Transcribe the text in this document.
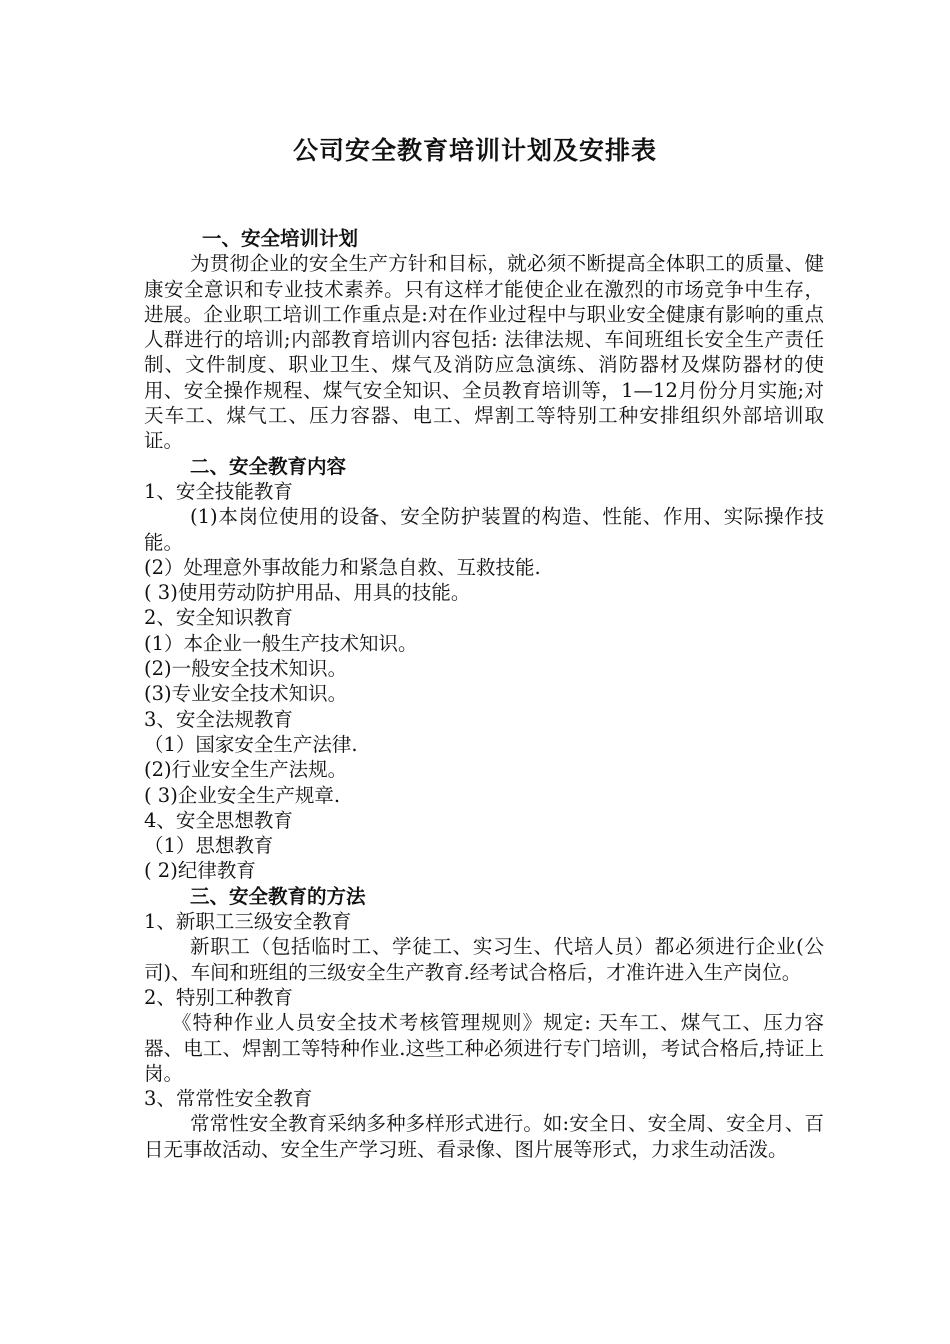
公司安全教育培训计划及安排表

一、安全培训计划

为贯彻企业的安全生产方针和目标，就必须不断提高全体职工的质量、健康安全意识和专业技术素养。只有这样才能使企业在激烈的市场竞争中生存，进展。企业职工培训工作重点是:对在作业过程中与职业安全健康有影响的重点人群进行的培训;内部教育培训内容包括: 法律法规、车间班组长安全生产责任制、文件制度、职业卫生、煤气及消防应急演练、消防器材及煤防器材的使用、安全操作规程、煤气安全知识、全员教育培训等，1—12月份分月实施;对天车工、煤气工、压力容器、电工、焊割工等特别工种安排组织外部培训取证。

二、安全教育内容

1、安全技能教育

(1)本岗位使用的设备、安全防护装置的构造、性能、作用、实际操作技能。

(2）处理意外事故能力和紧急自救、互救技能.

( 3)使用劳动防护用品、用具的技能。

2、安全知识教育

(1）本企业一般生产技术知识。

(2)一般安全技术知识。

(3)专业安全技术知识。

3、安全法规教育

（1）国家安全生产法律.

(2)行业安全生产法规。

( 3)企业安全生产规章.

4、安全思想教育

（1）思想教育

( 2)纪律教育

三、安全教育的方法

1、新职工三级安全教育

新职工（包括临时工、学徒工、实习生、代培人员）都必须进行企业(公司)、车间和班组的三级安全生产教育.经考试合格后，才准许进入生产岗位。

2、特别工种教育

《特种作业人员安全技术考核管理规则》规定: 天车工、煤气工、压力容器、电工、焊割工等特种作业.这些工种必须进行专门培训，考试合格后,持证上岗。

3、常常性安全教育

常常性安全教育采纳多种多样形式进行。如:安全日、安全周、安全月、百日无事故活动、安全生产学习班、看录像、图片展等形式，力求生动活泼。
